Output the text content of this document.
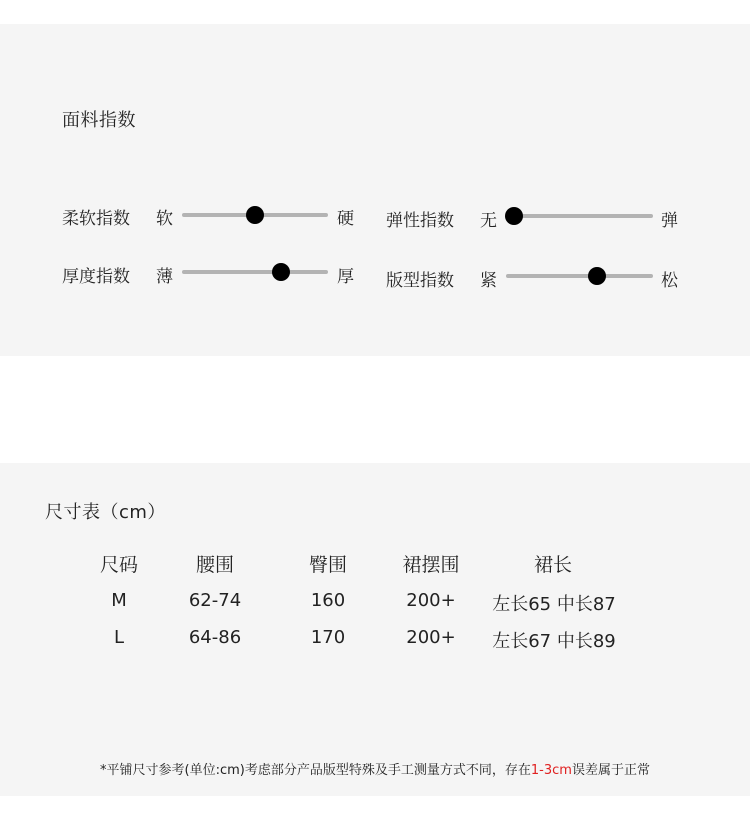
面料指数
柔软指数 软	硬 弹性指数 无	弹
厚度指数 薄	厚 版型指数 紧	松
尺寸表（cm）
尺码	腰围	臀围	裙摆围	裙长
M	62-74	160	200+	左长65 中长87
L	64-86	170	200+	左长67 中长89
*平铺尺寸参考(单位:cm)考虑部分产品版型特殊及手工测量方式不同，存在1-3cm误差属于正常
